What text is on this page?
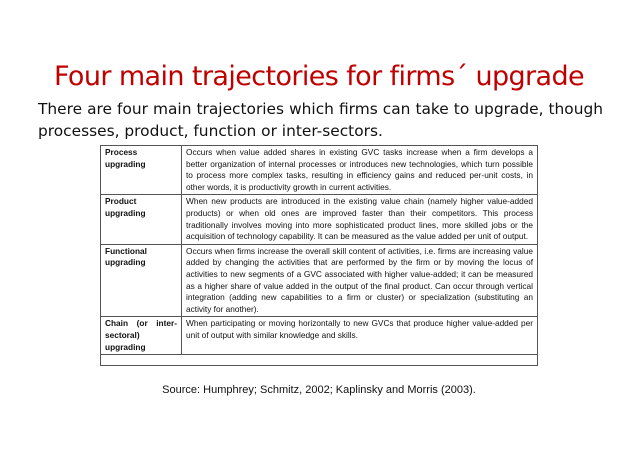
Four main trajectories for firms´ upgrade
There are four main trajectories which firms can take to upgrade, though processes, product, function or inter-sectors.
Process upgrading	Occurs when value added shares in existing GVC tasks increase when a firm develops a better organization of internal processes or introduces new technologies, which turn possible to process more complex tasks, resulting in efficiency gains and reduced per-unit costs, in other words, it is productivity growth in current activities.
Product upgrading	When new products are introduced in the existing value chain (namely higher value-added products) or when old ones are improved faster than their competitors. This process traditionally involves moving into more sophisticated product lines, more skilled jobs or the acquisition of technology capability. It can be measured as the value added per unit of output.
Functional upgrading	Occurs when firms increase the overall skill content of activities, i.e. firms are increasing value added by changing the activities that are performed by the firm or by moving the locus of activities to new segments of a GVC associated with higher value-added; it can be measured as a higher share of value added in the output of the final product. Can occur through vertical integration (adding new capabilities to a firm or cluster) or specialization (substituting an activity for another).
Chain (or inter-sectoral) upgrading	When participating or moving horizontally to new GVCs that produce higher value-added per unit of output with similar knowledge and skills.

Source: Humphrey; Schmitz, 2002; Kaplinsky and Morris (2003).
